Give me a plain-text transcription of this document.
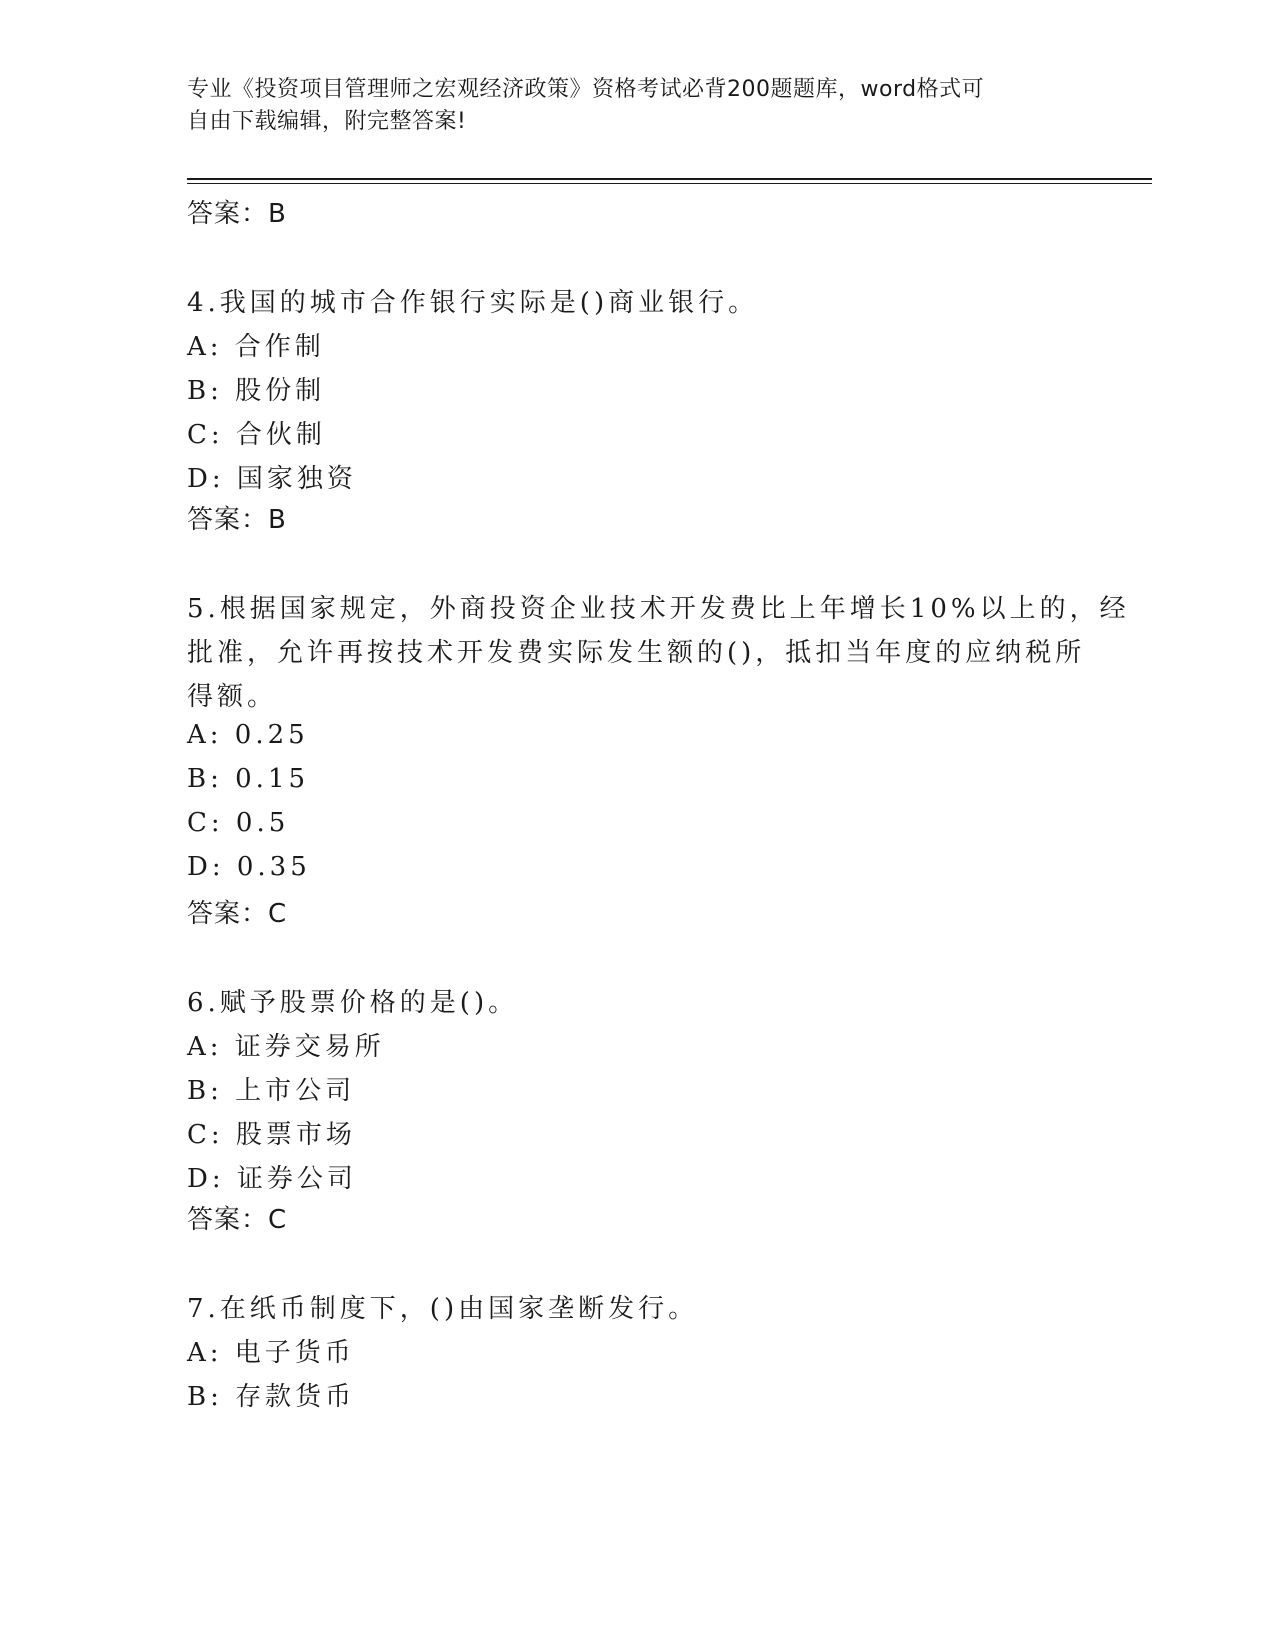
专业《投资项目管理师之宏观经济政策》资格考试必背200题题库，word格式可
自由下载编辑，附完整答案!
答案：B
4.我国的城市合作银行实际是()商业银行。
A: 合作制
B: 股份制
C: 合伙制
D: 国家独资
答案：B
5.根据国家规定，外商投资企业技术开发费比上年增长10%以上的，经
批准，允许再按技术开发费实际发生额的()，抵扣当年度的应纳税所
得额。
A: 0.25
B: 0.15
C: 0.5
D: 0.35
答案：C
6.赋予股票价格的是()。
A: 证券交易所
B: 上市公司
C: 股票市场
D: 证券公司
答案：C
7.在纸币制度下，()由国家垄断发行。
A: 电子货币
B: 存款货币
